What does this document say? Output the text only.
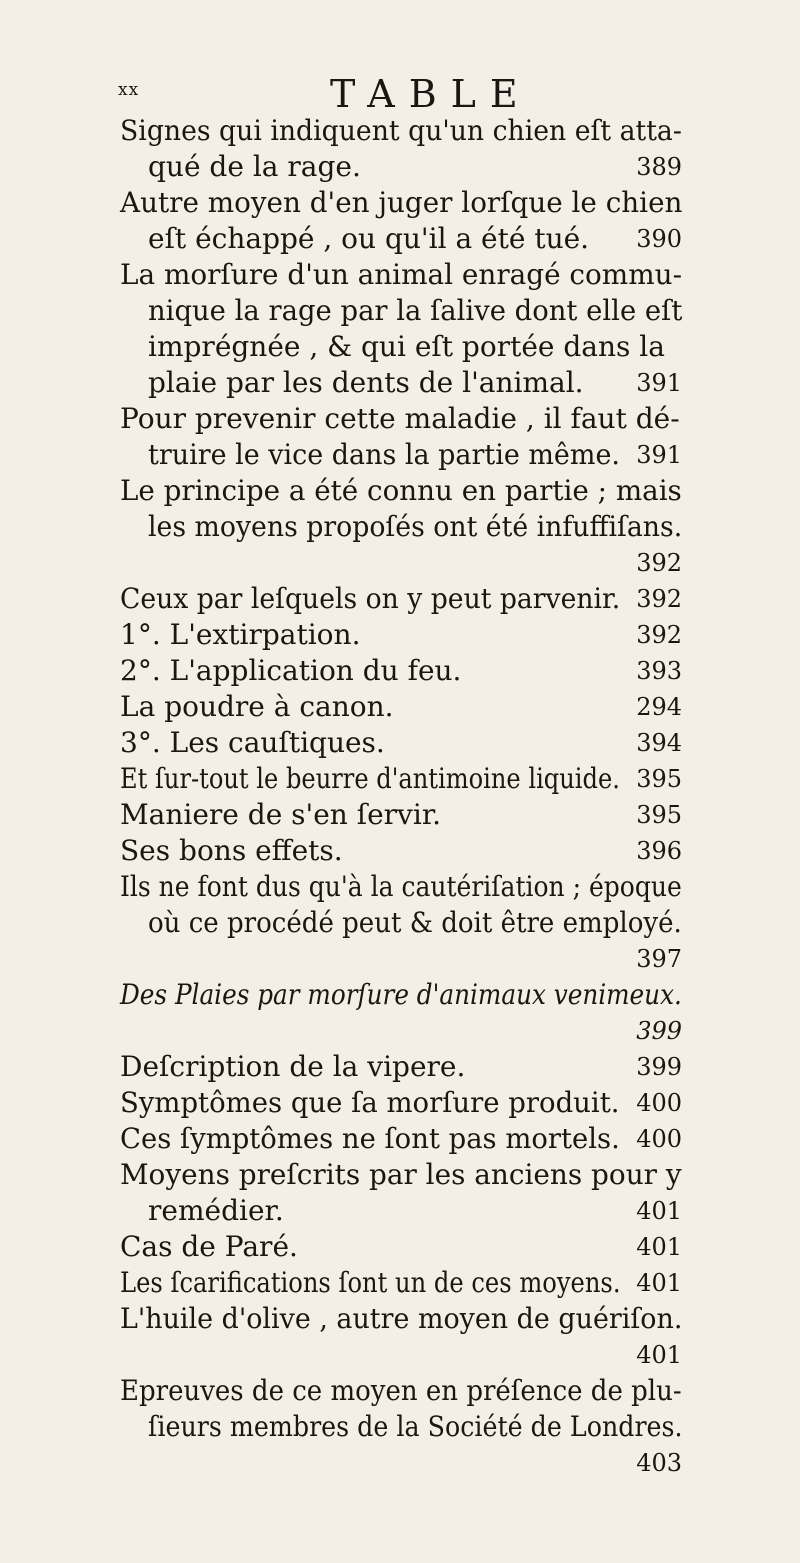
xx	TABLE
Signes qui indiquent qu'un chien eſt atta-
qué de la rage.	389
Autre moyen d'en juger lorſque le chien
eſt échappé , ou qu'il a été tué. 390
La morſure d'un animal enragé commu-
nique la rage par la ſalive dont elle eſt
imprégnée , & qui eſt portée dans la
plaie par les dents de l'animal. 391
Pour prevenir cette maladie , il faut dé-
truire le vice dans la partie même. 391
Le principe a été connu en partie ; mais
les moyens propoſés ont été infuffiſans.
392
Ceux par leſquels on y peut parvenir. 392
1°. L'extirpation.	392
2°. L'application du feu.	393
La poudre à canon.	294
3°. Les cauſtiques.	394
Et ſur-tout le beurre d'antimoine liquide. 395
Maniere de s'en ſervir.	395
Ses bons effets.	396
Ils ne font dus qu'à la cautériſation ; époque
où ce procédé peut & doit être employé.
397
Des Plaies par morſure d'animaux venimeux.
399
Deſcription de la vipere.	399
Symptômes que ſa morſure produit. 400
Ces ſymptômes ne ſont pas mortels. 400
Moyens preſcrits par les anciens pour y
remédier.	401
Cas de Paré.	401
Les ſcarifications ſont un de ces moyens. 401
L'huile d'olive , autre moyen de guériſon.
401
Epreuves de ce moyen en préſence de plu-
ſieurs membres de la Société de Londres.
403
